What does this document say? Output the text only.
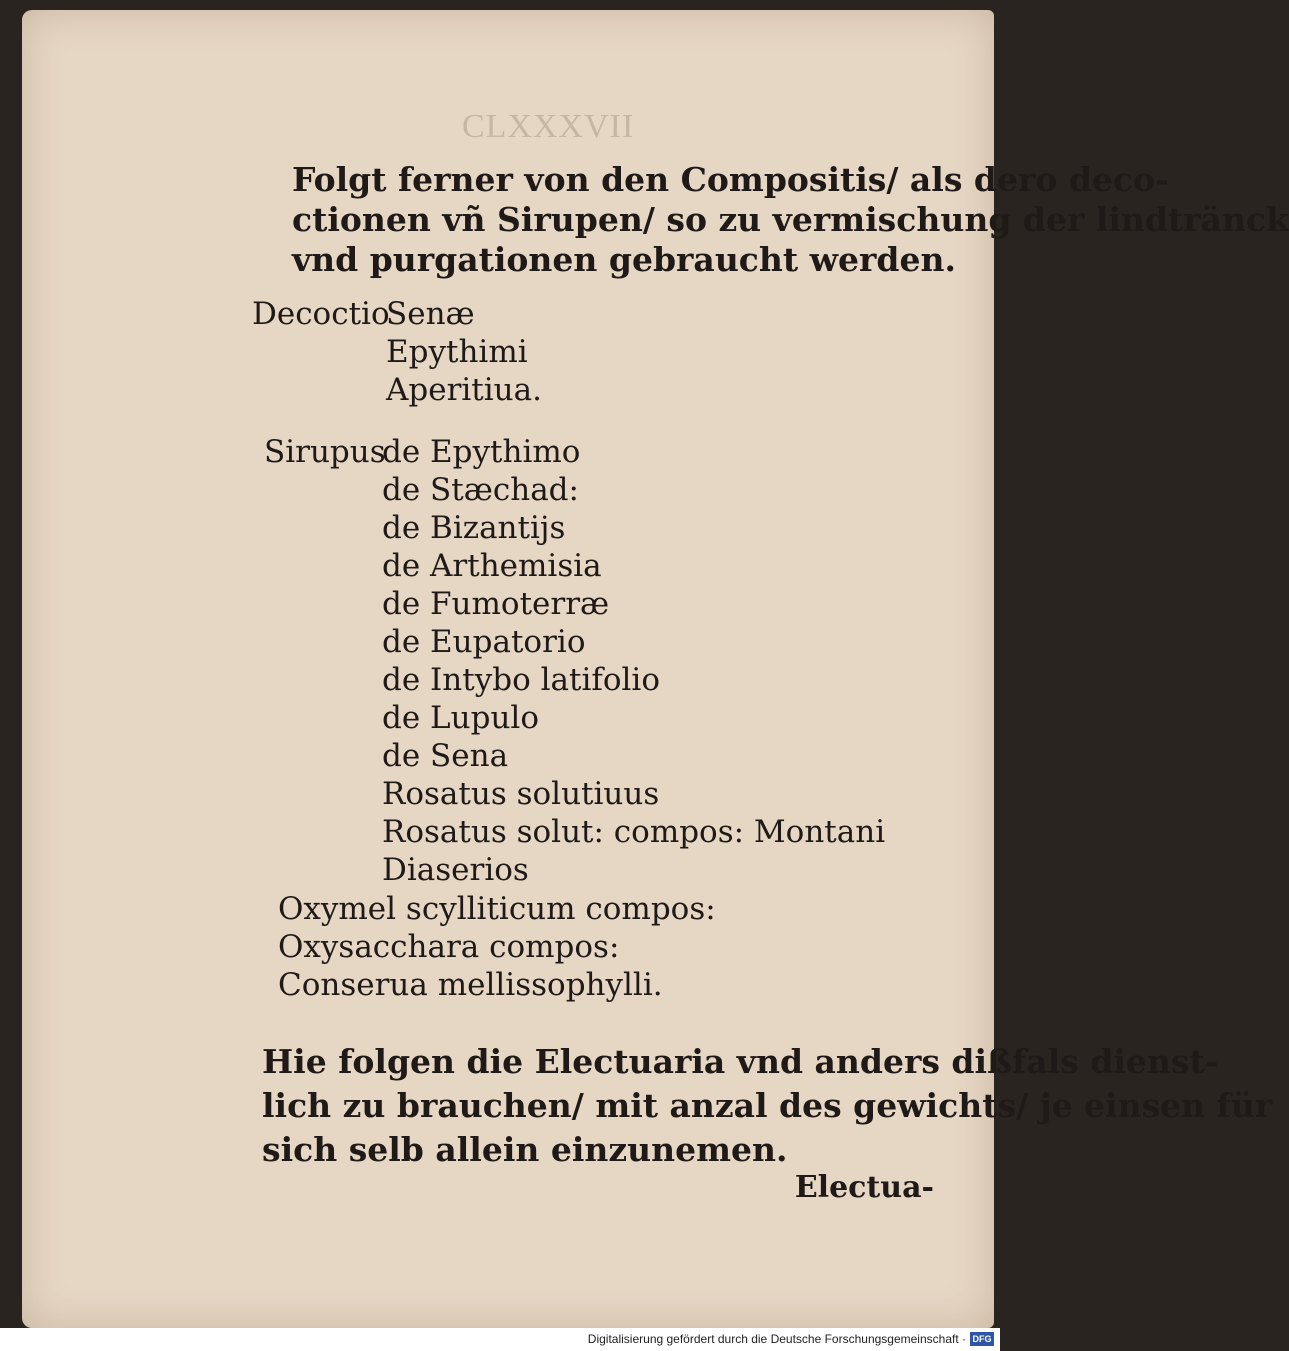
CLXXXVII
Folgt ferner von den Compositis/ als dero deco-
ctionen vñ Sirupen/ so zu vermischung der lindtränck
vnd purgationen gebraucht werden.
Decoctio
Senæ
Epythimi
Aperitiua.
Sirupus
de Epythimo
de Stæchad:
de Bizantijs
de Arthemisia
de Fumoterræ
de Eupatorio
de Intybo latifolio
de Lupulo
de Sena
Rosatus solutiuus
Rosatus solut: compos: Montani
Diaserios
Oxymel scylliticum compos:
Oxysacchara compos:
Conserua mellissophylli.
Hie folgen die Electuaria vnd anders dißfals dienst-
lich zu brauchen/ mit anzal des gewichts/ je einsen für
sich selb allein einzunemen.
Electua-
Digitalisierung gefördert durch die Deutsche Forschungsgemeinschaft · DFG
